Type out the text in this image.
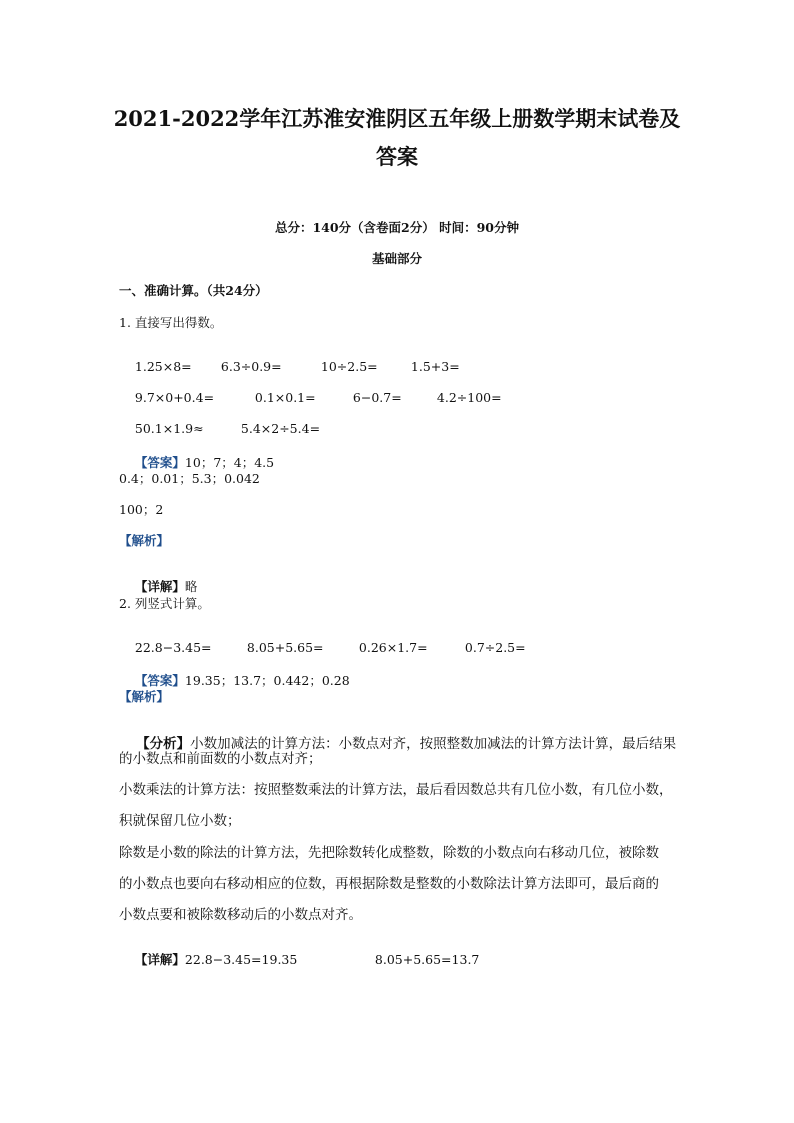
2021-2022学年江苏淮安淮阴区五年级上册数学期末试卷及
答案
总分：140分（含卷面2分） 时间：90分钟
基础部分
一、准确计算。（共24分）
1. 直接写出得数。

1.25×8= 6.3÷0.9=	10÷2.5=	1.5+3=

9.7×0+0.4=	0.1×0.1=	6−0.7=	4.2÷100=

50.1×1.9≈	5.4×2÷5.4=

【答案】10；7；4；4.5

0.4；0.01；5.3；0.042
100；2
【解析】

【详解】略

2. 列竖式计算。

22.8−3.45=	8.05+5.65=	0.26×1.7=	0.7÷2.5=

【答案】19.35；13.7；0.442；0.28

【解析】

【分析】小数加减法的计算方法：小数点对齐，按照整数加减法的计算方法计算，最后结果

的小数点和前面数的小数点对齐；
小数乘法的计算方法：按照整数乘法的计算方法，最后看因数总共有几位小数，有几位小数，
积就保留几位小数；
除数是小数的除法的计算方法，先把除数转化成整数，除数的小数点向右移动几位，被除数
的小数点也要向右移动相应的位数，再根据除数是整数的小数除法计算方法即可，最后商的
小数点要和被除数移动后的小数点对齐。

【详解】22.8−3.45=19.35	8.05+5.65=13.7
